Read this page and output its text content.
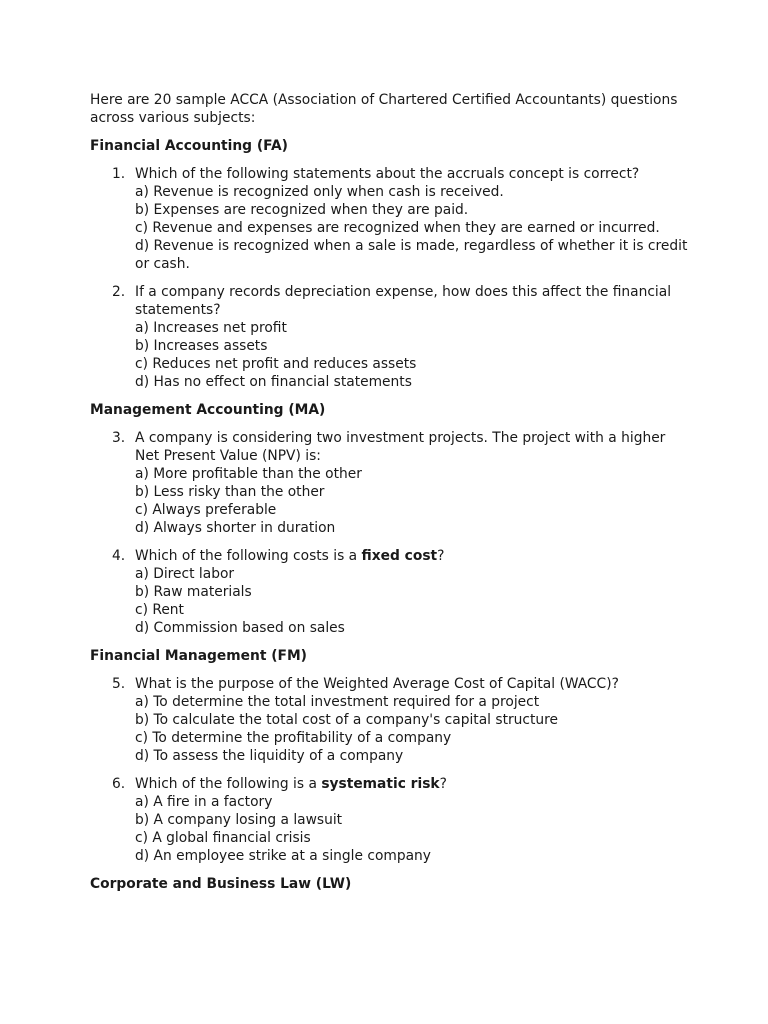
Here are 20 sample ACCA (Association of Chartered Certified Accountants) questions across various subjects:

Financial Accounting (FA)

1. Which of the following statements about the accruals concept is correct?
a) Revenue is recognized only when cash is received.
b) Expenses are recognized when they are paid.
c) Revenue and expenses are recognized when they are earned or incurred.
d) Revenue is recognized when a sale is made, regardless of whether it is credit or cash.
2. If a company records depreciation expense, how does this affect the financial statements?
a) Increases net profit
b) Increases assets
c) Reduces net profit and reduces assets
d) Has no effect on financial statements

Management Accounting (MA)

3. A company is considering two investment projects. The project with a higher Net Present Value (NPV) is:
a) More profitable than the other
b) Less risky than the other
c) Always preferable
d) Always shorter in duration
4. Which of the following costs is a fixed cost?
a) Direct labor
b) Raw materials
c) Rent
d) Commission based on sales

Financial Management (FM)

5. What is the purpose of the Weighted Average Cost of Capital (WACC)?
a) To determine the total investment required for a project
b) To calculate the total cost of a company's capital structure
c) To determine the profitability of a company
d) To assess the liquidity of a company
6. Which of the following is a systematic risk?
a) A fire in a factory
b) A company losing a lawsuit
c) A global financial crisis
d) An employee strike at a single company

Corporate and Business Law (LW)
